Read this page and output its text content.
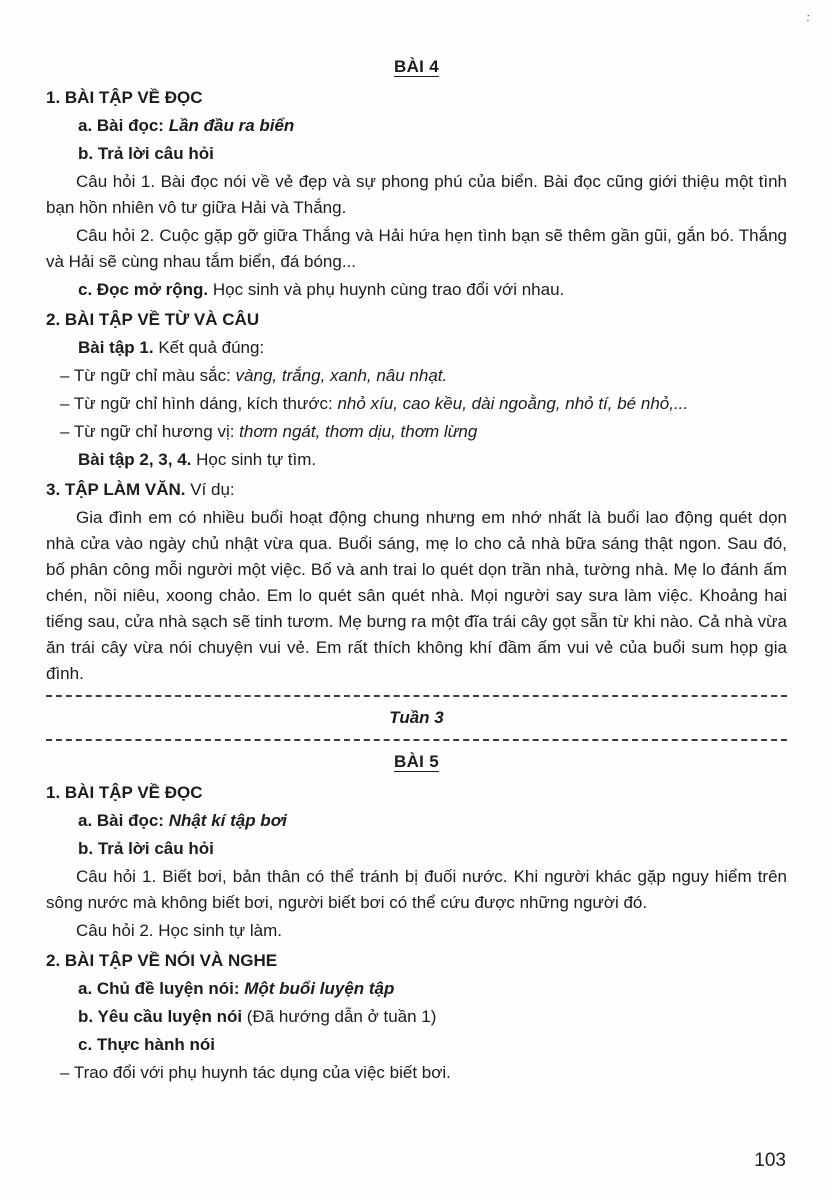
·.

BÀI 4

1. BÀI TẬP VỀ ĐỌC

a. Bài đọc: Lần đầu ra biển

b. Trả lời câu hỏi

Câu hỏi 1. Bài đọc nói về vẻ đẹp và sự phong phú của biển. Bài đọc cũng giới thiệu một tình bạn hồn nhiên vô tư giữa Hải và Thắng.

Câu hỏi 2. Cuộc gặp gỡ giữa Thắng và Hải hứa hẹn tình bạn sẽ thêm gần gũi, gắn bó. Thắng và Hải sẽ cùng nhau tắm biển, đá bóng...

c. Đọc mở rộng. Học sinh và phụ huynh cùng trao đổi với nhau.

2. BÀI TẬP VỀ TỪ VÀ CÂU

Bài tập 1. Kết quả đúng:

– Từ ngữ chỉ màu sắc: vàng, trắng, xanh, nâu nhạt.

– Từ ngữ chỉ hình dáng, kích thước: nhỏ xíu, cao kều, dài ngoằng, nhỏ tí, bé nhỏ,...

– Từ ngữ chỉ hương vị: thơm ngát, thơm dịu, thơm lừng

Bài tập 2, 3, 4. Học sinh tự tìm.

3. TẬP LÀM VĂN. Ví dụ:

Gia đình em có nhiều buổi hoạt động chung nhưng em nhớ nhất là buổi lao động quét dọn nhà cửa vào ngày chủ nhật vừa qua. Buổi sáng, mẹ lo cho cả nhà bữa sáng thật ngon. Sau đó, bố phân công mỗi người một việc. Bố và anh trai lo quét dọn trần nhà, tường nhà. Mẹ lo đánh ấm chén, nồi niêu, xoong chảo. Em lo quét sân quét nhà. Mọi người say sưa làm việc. Khoảng hai tiếng sau, cửa nhà sạch sẽ tinh tươm. Mẹ bưng ra một đĩa trái cây gọt sẵn từ khi nào. Cả nhà vừa ăn trái cây vừa nói chuyện vui vẻ. Em rất thích không khí đầm ấm vui vẻ của buổi sum họp gia đình.

Tuần 3

BÀI 5

1. BÀI TẬP VỀ ĐỌC

a. Bài đọc: Nhật kí tập bơi

b. Trả lời câu hỏi

Câu hỏi 1. Biết bơi, bản thân có thể tránh bị đuối nước. Khi người khác gặp nguy hiểm trên sông nước mà không biết bơi, người biết bơi có thể cứu được những người đó.

Câu hỏi 2. Học sinh tự làm.

2. BÀI TẬP VỀ NÓI VÀ NGHE

a. Chủ đề luyện nói: Một buổi luyện tập

b. Yêu cầu luyện nói (Đã hướng dẫn ở tuần 1)

c. Thực hành nói

– Trao đổi với phụ huynh tác dụng của việc biết bơi.

103
